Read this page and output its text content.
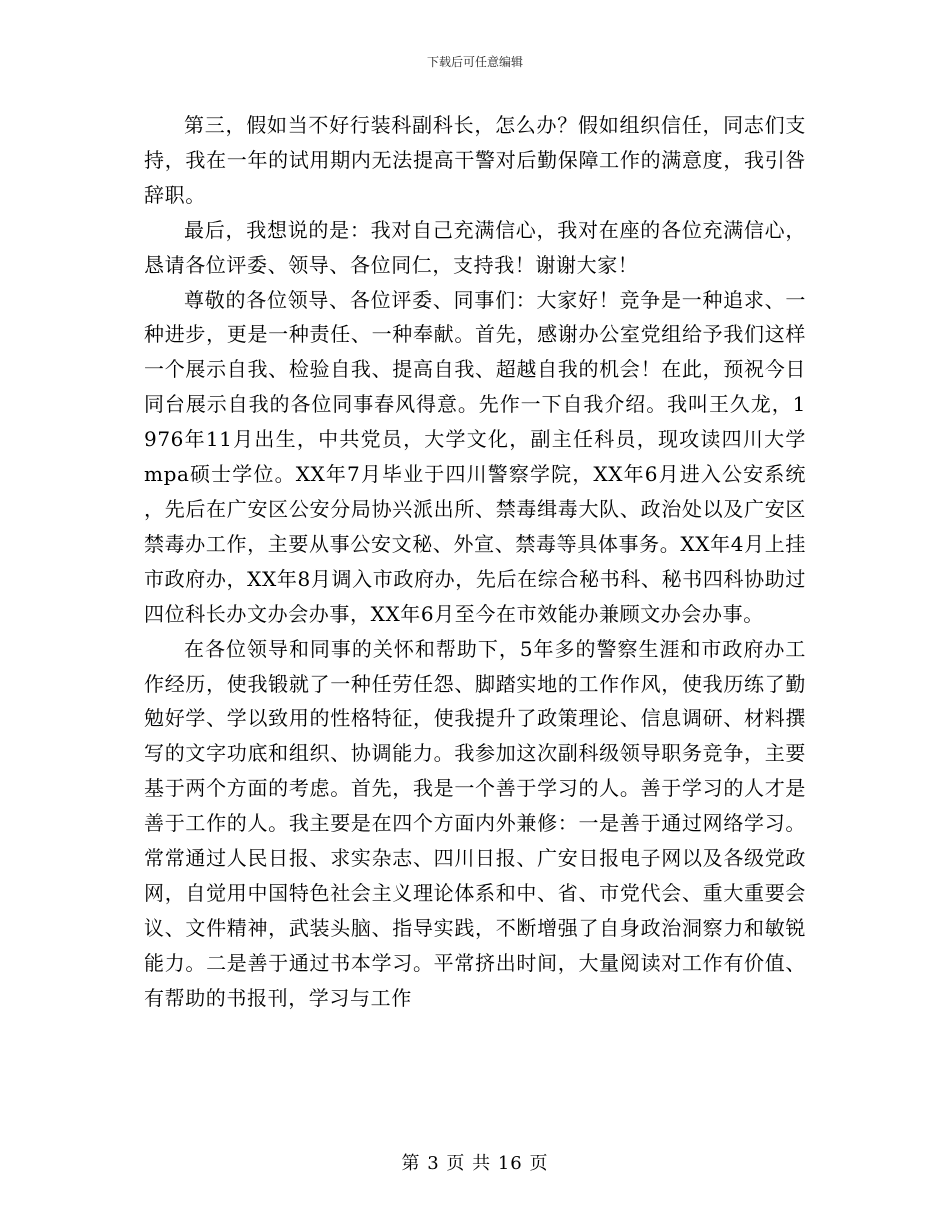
下载后可任意编辑

第三，假如当不好行装科副科长，怎么办？假如组织信任，同志们支持，我在一年的试用期内无法提高干警对后勤保障工作的满意度，我引咎辞职。

最后，我想说的是：我对自己充满信心，我对在座的各位充满信心，恳请各位评委、领导、各位同仁，支持我！谢谢大家！

尊敬的各位领导、各位评委、同事们：大家好！竞争是一种追求、一种进步，更是一种责任、一种奉献。首先，感谢办公室党组给予我们这样一个展示自我、检验自我、提高自我、超越自我的机会！在此，预祝今日同台展示自我的各位同事春风得意。先作一下自我介绍。我叫王久龙，1976年11月出生，中共党员，大学文化，副主任科员，现攻读四川大学mpa硕士学位。XX年7月毕业于四川警察学院，XX年6月进入公安系统，先后在广安区公安分局协兴派出所、禁毒缉毒大队、政治处以及广安区禁毒办工作，主要从事公安文秘、外宣、禁毒等具体事务。XX年4月上挂市政府办，XX年8月调入市政府办，先后在综合秘书科、秘书四科协助过四位科长办文办会办事，XX年6月至今在市效能办兼顾文办会办事。

在各位领导和同事的关怀和帮助下，5年多的警察生涯和市政府办工作经历，使我锻就了一种任劳任怨、脚踏实地的工作作风，使我历练了勤勉好学、学以致用的性格特征，使我提升了政策理论、信息调研、材料撰写的文字功底和组织、协调能力。我参加这次副科级领导职务竞争，主要基于两个方面的考虑。首先，我是一个善于学习的人。善于学习的人才是善于工作的人。我主要是在四个方面内外兼修：一是善于通过网络学习。常常通过人民日报、求实杂志、四川日报、广安日报电子网以及各级党政网，自觉用中国特色社会主义理论体系和中、省、市党代会、重大重要会议、文件精神，武装头脑、指导实践，不断增强了自身政治洞察力和敏锐能力。二是善于通过书本学习。平常挤出时间，大量阅读对工作有价值、有帮助的书报刊，学习与工作

第 3 页 共 16 页
